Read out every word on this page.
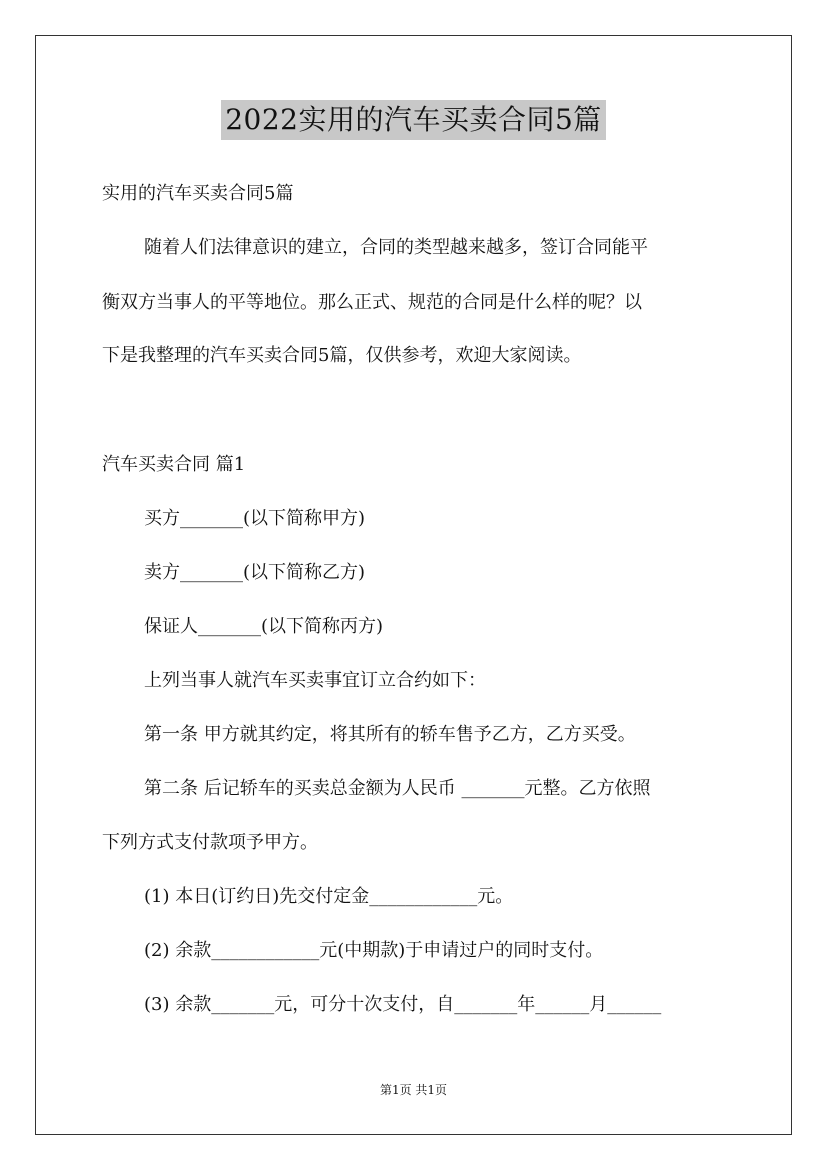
2022实用的汽车买卖合同5篇
实用的汽车买卖合同5篇
随着人们法律意识的建立，合同的类型越来越多，签订合同能平
衡双方当事人的平等地位。那么正式、规范的合同是什么样的呢？以
下是我整理的汽车买卖合同5篇，仅供参考，欢迎大家阅读。
汽车买卖合同 篇1
买方_______(以下简称甲方)
卖方_______(以下简称乙方)
保证人_______(以下简称丙方)
上列当事人就汽车买卖事宜订立合约如下：
第一条 甲方就其约定，将其所有的轿车售予乙方，乙方买受。
第二条 后记轿车的买卖总金额为人民币 _______元整。乙方依照
下列方式支付款项予甲方。
(1) 本日(订约日)先交付定金____________元。
(2) 余款____________元(中期款)于申请过户的同时支付。
(3) 余款_______元，可分十次支付，自_______年______月______
第1页 共1页
